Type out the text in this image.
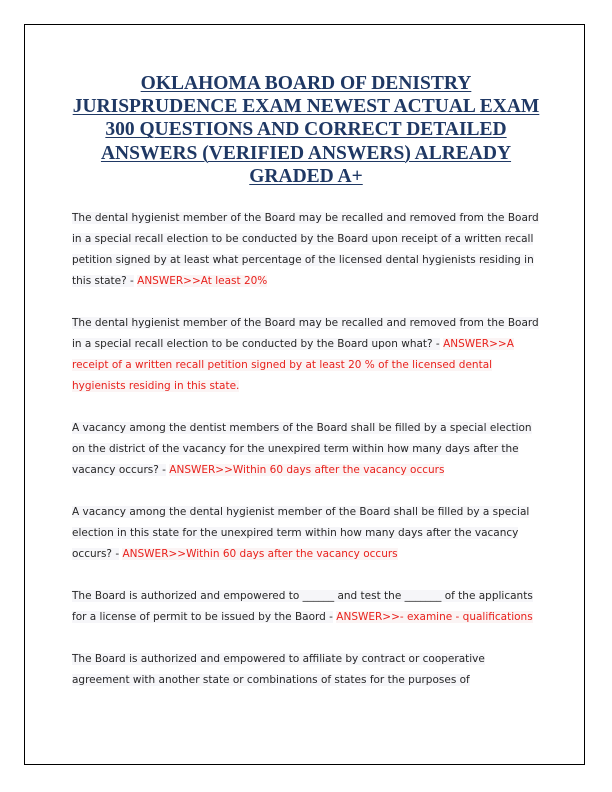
OKLAHOMA BOARD OF DENISTRY JURISPRUDENCE EXAM NEWEST ACTUAL EXAM 300 QUESTIONS AND CORRECT DETAILED ANSWERS (VERIFIED ANSWERS) ALREADY GRADED A+

The dental hygienist member of the Board may be recalled and removed from the Board in a special recall election to be conducted by the Board upon receipt of a written recall petition signed by at least what percentage of the licensed dental hygienists residing in this state? - ANSWER>>At least 20%

The dental hygienist member of the Board may be recalled and removed from the Board in a special recall election to be conducted by the Board upon what? - ANSWER>>A receipt of a written recall petition signed by at least 20 % of the licensed dental hygienists residing in this state.

A vacancy among the dentist members of the Board shall be filled by a special election on the district of the vacancy for the unexpired term within how many days after the vacancy occurs? - ANSWER>>Within 60 days after the vacancy occurs

A vacancy among the dental hygienist member of the Board shall be filled by a special election in this state for the unexpired term within how many days after the vacancy occurs? - ANSWER>>Within 60 days after the vacancy occurs

The Board is authorized and empowered to ______ and test the _______ of the applicants for a license of permit to be issued by the Baord - ANSWER>>- examine - qualifications

The Board is authorized and empowered to affiliate by contract or cooperative agreement with another state or combinations of states for the purposes of
